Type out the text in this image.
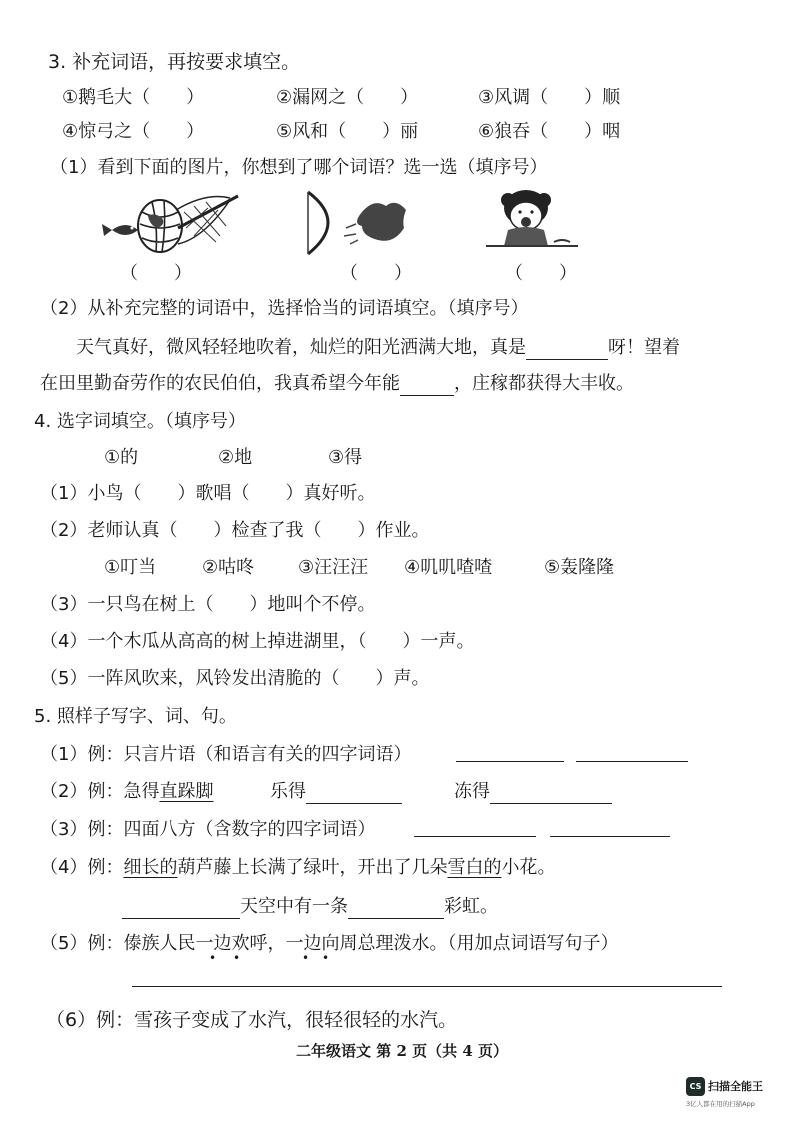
3. 补充词语，再按要求填空。
①鹅毛大（　　）	②漏网之（　　）	③风调（　　）顺
④惊弓之（　　）	⑤风和（　　）丽	⑥狼吞（　　）咽
（1）看到下面的图片，你想到了哪个词语？选一选（填序号）
（　　）	（　　）	（　　）
（2）从补充完整的词语中，选择恰当的词语填空。（填序号）
天气真好，微风轻轻地吹着，灿烂的阳光洒满大地，真是	呀！望着
在田里勤奋劳作的农民伯伯，我真希望今年能	，庄稼都获得大丰收。
4. 选字词填空。（填序号）
①的	②地	③得
（1）小鸟（　　）歌唱（　　）真好听。
（2）老师认真（　　）检查了我（　　）作业。
①叮当	②咕咚 ③汪汪汪 ④叽叽喳喳	⑤轰隆隆
（3）一只鸟在树上（　　）地叫个不停。
（4）一个木瓜从高高的树上掉进湖里，（　　）一声。
（5）一阵风吹来，风铃发出清脆的（　　）声。
5. 照样子写字、词、句。
（1）例：只言片语（和语言有关的四字词语）
（2）例：急得直跺脚	乐得	冻得
（3）例：四面八方（含数字的四字词语）
（4）例：细长的葫芦藤上长满了绿叶，开出了几朵雪白的小花。
天空中有一条	彩虹。
（5）例：傣族人民一边欢呼，一边向周总理泼水。（用加点词语写句子）
• •	• •
（6）例：雪孩子变成了水汽，很轻很轻的水汽。
二年级语文 第 2 页（共 4 页）
CS 扫描全能王
3亿人都在用的扫描App
